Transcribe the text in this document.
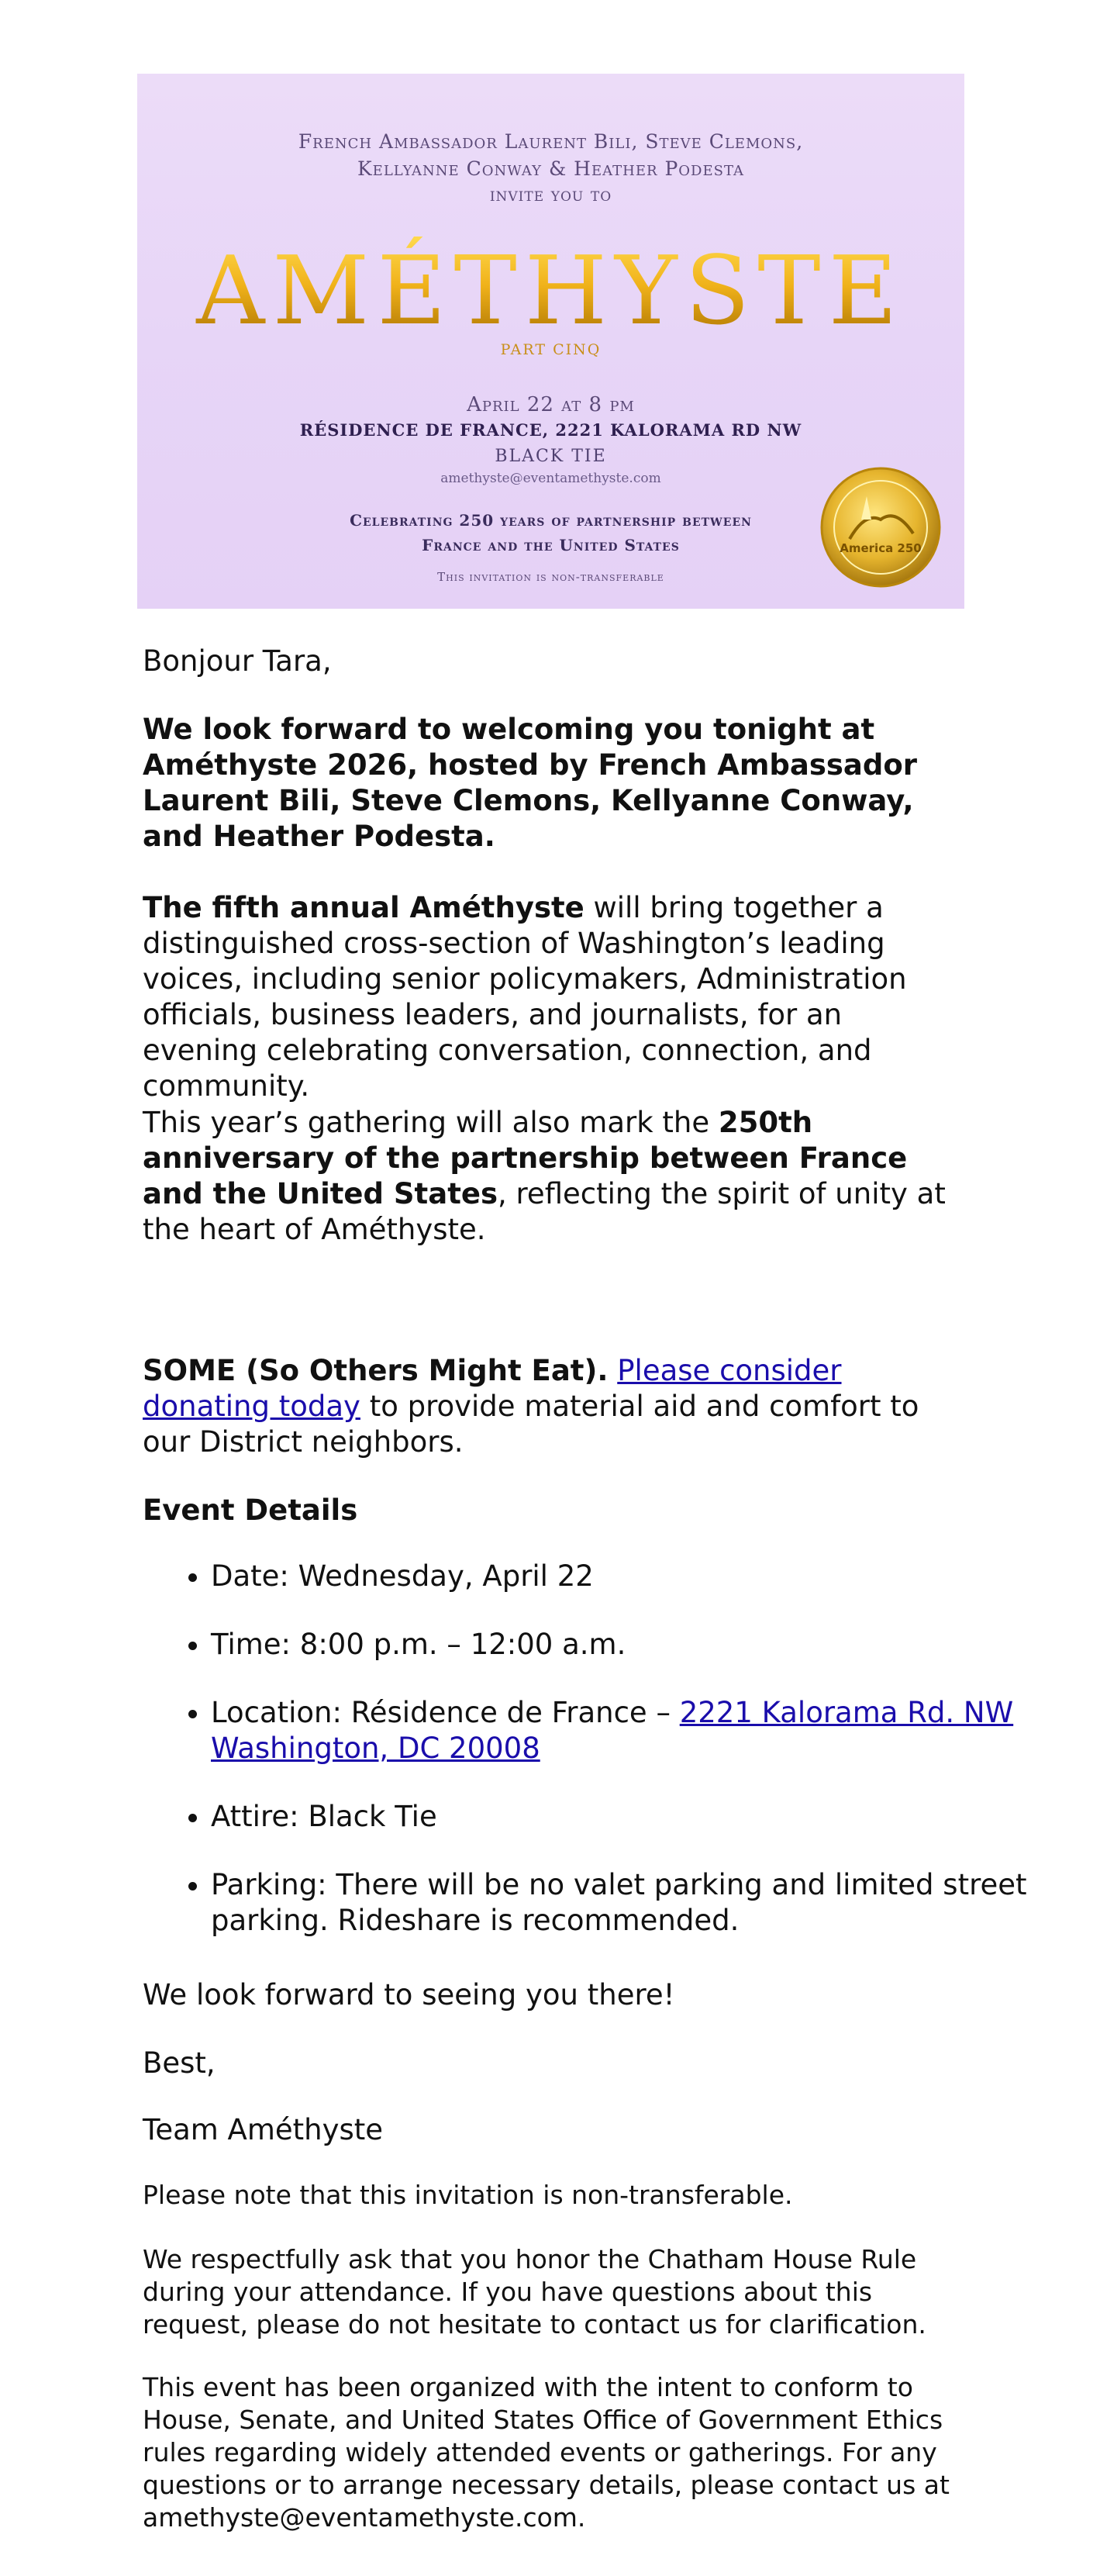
French Ambassador Laurent Bili, Steve Clemons,

Kellyanne Conway & Heather Podesta

invite you to

AMÉTHYSTE

PART CINQ

April 22 at 8 pm

RÉSIDENCE DE FRANCE, 2221 KALORAMA RD NW

BLACK TIE

amethyste@eventamethyste.com

Celebrating 250 years of partnership between

France and the United States

This invitation is non-transferable

America 250

Bonjour Tara,

We look forward to welcoming you tonight at Améthyste 2026, hosted by French Ambassador Laurent Bili, Steve Clemons, Kellyanne Conway, and Heather Podesta.

The fifth annual Améthyste will bring together a distinguished cross-section of Washington’s leading voices, including senior policymakers, Administration officials, business leaders, and journalists, for an evening celebrating conversation, connection, and community.

This year’s gathering will also mark the 250th anniversary of the partnership between France and the United States, reflecting the spirit of unity at the heart of Améthyste.

SOME (So Others Might Eat). Please consider donating today to provide material aid and comfort to our District neighbors.

Event Details

• Date: Wednesday, April 22
• Time: 8:00 p.m. – 12:00 a.m.
• Location: Résidence de France – 2221 Kalorama Rd. NW Washington, DC 20008
• Attire: Black Tie
• Parking: There will be no valet parking and limited street parking. Rideshare is recommended.

We look forward to seeing you there!

Best,

Team Améthyste

Please note that this invitation is non-transferable.

We respectfully ask that you honor the Chatham House Rule during your attendance. If you have questions about this request, please do not hesitate to contact us for clarification.

This event has been organized with the intent to conform to House, Senate, and United States Office of Government Ethics rules regarding widely attended events or gatherings. For any questions or to arrange necessary details, please contact us at amethyste@eventamethyste.com.
